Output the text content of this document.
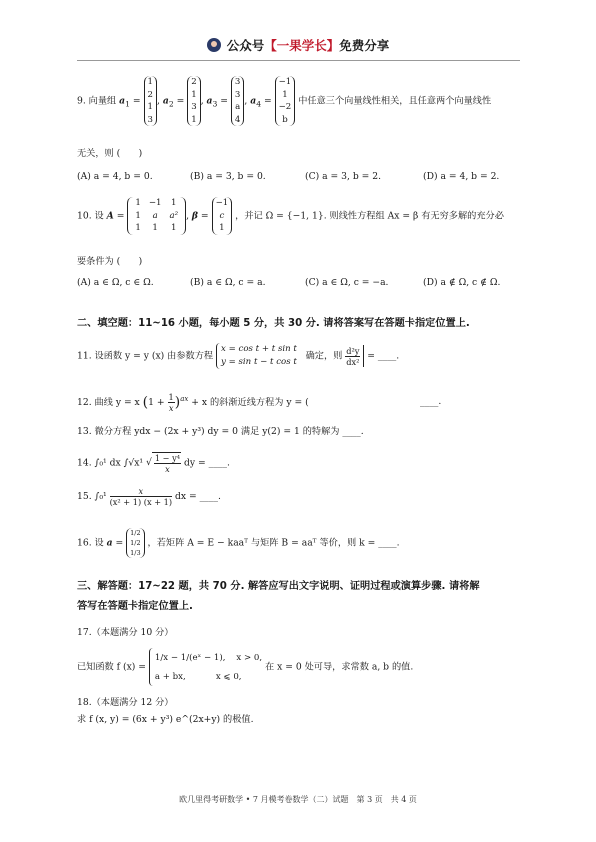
公众号【一果学长】免费分享
9. 向量组 $a_1$ =
1
2
1
3
, $a_2$ =
2
1
3
1
, $a_3$ =
3
3
a
4
, $a_4$ =
−1
1
−2
b
中任意三个向量线性相关，且任意两个向量线性
无关，则 (　　)
(A) a = 4, b = 0.	(B) a = 3, b = 0.	(C) a = 3, b = 2.	(D) a = 4, b = 2.
10. 设 A =
1	−1	1
1	a	a²
1	1	1
, β =
−1
c
1
，并记 Ω = {−1, 1}. 则线性方程组 Ax = β 有无穷多解的充分必
要条件为 (　　)
(A) a ∈ Ω, c ∈ Ω.	(B) a ∈ Ω, c = a.	(C) a ∈ Ω, c = −a.	(D) a ∉ Ω, c ∉ Ω.
二、填空题：11~16 小题，每小题 5 分，共 30 分. 请将答案写在答题卡指定位置上.
11. 设函数 y = y (x) 由参数方程
x = cos t + t sin t
y = sin t − t cos t
确定，则 $\frac{\text{d²y}}{\text{dx²}}$ = ____.
12. 曲线 y = x $(1 + \frac{1}{x} )^{ax} + x$ 的斜渐近线方程为 y = (	____.
13. 微分方程 ydx − (2x + y³) dy = 0 满足 y(2) = 1 的特解为 ____.
14. ∫₀¹ dx ∫√x¹ √ $\frac{\text{1 − y⁴}}{x}$ dy = ____.
15. $\int_0^1 \frac{x}{\text{(x² + 1) (x + 1)}}$ dx = ____.
16. 设 a =
1/2
1/2
1/3
，若矩阵 A = E − kaaᵀ 与矩阵 B = aaᵀ 等价，则 k = ____.
三、解答题：17~22 题，共 70 分. 解答应写出文字说明、证明过程或演算步骤. 请将解
答写在答题卡指定位置上.
17.（本题满分 10 分）
已知函数 f (x) =
1/x − 1/(eˣ − 1), x > 0,
a + bx,	x ⩽ 0,
在 x = 0 处可导，求常数 a, b 的值.
18.（本题满分 12 分）
求 f (x, y) = (6x + y³) e^(2x+y) 的极值.
欧几里得考研数学 • 7 月模考卷数学（二）试题　第 3 页　共 4 页
